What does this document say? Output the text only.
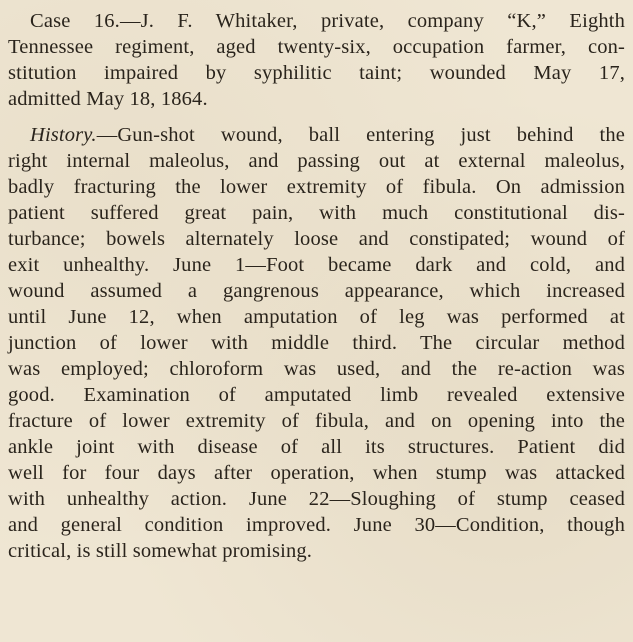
Case 16.—J. F. Whitaker, private, company “K,” Eighth
Tennessee regiment, aged twenty-six, occupation farmer, con-
stitution impaired by syphilitic taint; wounded May 17,
admitted May 18, 1864.
History.—Gun-shot wound, ball entering just behind the
right internal maleolus, and passing out at external maleolus,
badly fracturing the lower extremity of fibula. On admission
patient suffered great pain, with much constitutional dis-
turbance; bowels alternately loose and constipated; wound of
exit unhealthy. June 1—Foot became dark and cold, and
wound assumed a gangrenous appearance, which increased
until June 12, when amputation of leg was performed at
junction of lower with middle third. The circular method
was employed; chloroform was used, and the re-action was
good. Examination of amputated limb revealed extensive
fracture of lower extremity of fibula, and on opening into the
ankle joint with disease of all its structures. Patient did
well for four days after operation, when stump was attacked
with unhealthy action. June 22—Sloughing of stump ceased
and general condition improved. June 30—Condition, though
critical, is still somewhat promising.
